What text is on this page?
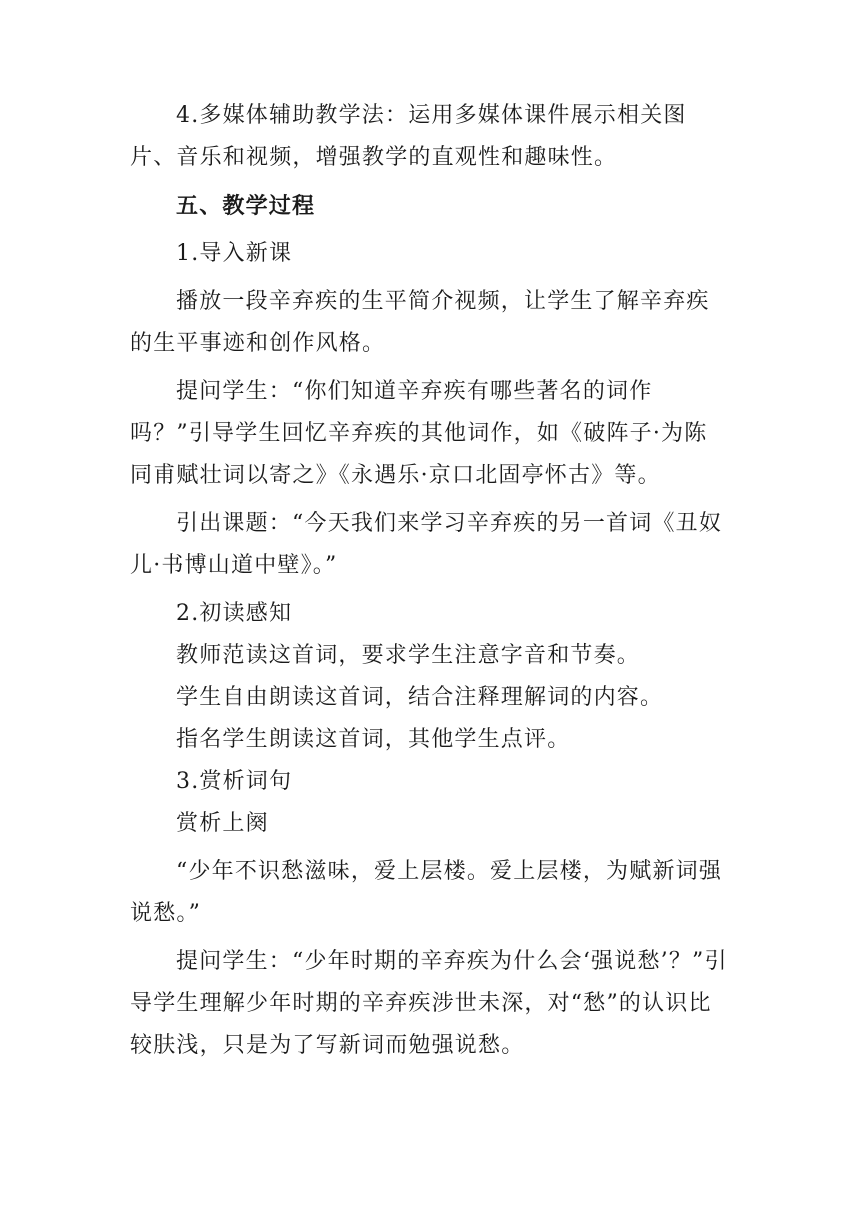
4.多媒体辅助教学法：运用多媒体课件展示相关图片、音乐和视频，增强教学的直观性和趣味性。

五、教学过程

1.导入新课

播放一段辛弃疾的生平简介视频，让学生了解辛弃疾的生平事迹和创作风格。

提问学生：“你们知道辛弃疾有哪些著名的词作吗？”引导学生回忆辛弃疾的其他词作，如《破阵子·为陈同甫赋壮词以寄之》《永遇乐·京口北固亭怀古》等。

引出课题：“今天我们来学习辛弃疾的另一首词《丑奴儿·书博山道中壁》。”

2.初读感知

教师范读这首词，要求学生注意字音和节奏。

学生自由朗读这首词，结合注释理解词的内容。

指名学生朗读这首词，其他学生点评。

3.赏析词句

赏析上阕

“少年不识愁滋味，爱上层楼。爱上层楼，为赋新词强说愁。”

提问学生：“少年时期的辛弃疾为什么会‘强说愁’？”引导学生理解少年时期的辛弃疾涉世未深，对“愁”的认识比较肤浅，只是为了写新词而勉强说愁。
